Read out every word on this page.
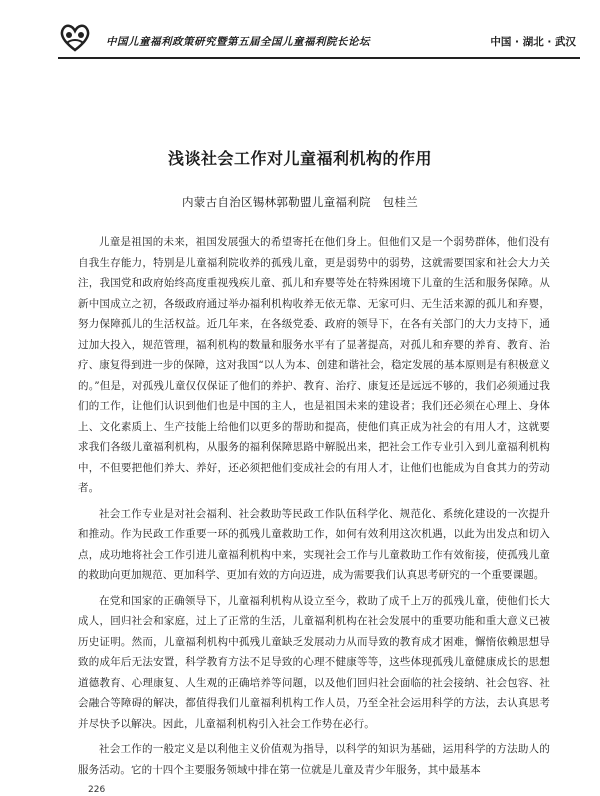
中国儿童福利政策研究暨第五届全国儿童福利院长论坛	中国 · 湖北 · 武汉
浅谈社会工作对儿童福利机构的作用
内蒙古自治区锡林郭勒盟儿童福利院　包桂兰

儿童是祖国的未来，祖国发展强大的希望寄托在他们身上。但他们又是一个弱势群体，他们没有自我生存能力，特别是儿童福利院收养的孤残儿童，更是弱势中的弱势，这就需要国家和社会大力关注，我国党和政府始终高度重视残疾儿童、孤儿和弃婴等处在特殊困境下儿童的生活和服务保障。从新中国成立之初，各级政府通过举办福利机构收养无依无靠、无家可归、无生活来源的孤儿和弃婴，努力保障孤儿的生活权益。近几年来，在各级党委、政府的领导下，在各有关部门的大力支持下，通过加大投入，规范管理，福利机构的数量和服务水平有了显著提高，对孤儿和弃婴的养育、教育、治疗、康复得到进一步的保障，这对我国“以人为本、创建和谐社会，稳定发展的基本原则是有积极意义的。”但是，对孤残儿童仅仅保证了他们的养护、教育、治疗、康复还是远远不够的，我们必须通过我们的工作，让他们认识到他们也是中国的主人，也是祖国未来的建设者；我们还必须在心理上、身体上、文化素质上、生产技能上给他们以更多的帮助和提高，使他们真正成为社会的有用人才，这就要求我们各级儿童福利机构，从服务的福利保障思路中解脱出来，把社会工作专业引入到儿童福利机构中，不但要把他们养大、养好，还必须把他们变成社会的有用人才，让他们也能成为自食其力的劳动者。

社会工作专业是对社会福利、社会救助等民政工作队伍科学化、规范化、系统化建设的一次提升和推动。作为民政工作重要一环的孤残儿童救助工作，如何有效利用这次机遇，以此为出发点和切入点，成功地将社会工作引进儿童福利机构中来，实现社会工作与儿童救助工作有效衔接，使孤残儿童的救助向更加规范、更加科学、更加有效的方向迈进，成为需要我们认真思考研究的一个重要课题。

在党和国家的正确领导下，儿童福利机构从设立至今，救助了成千上万的孤残儿童，使他们长大成人，回归社会和家庭，过上了正常的生活，儿童福利机构在社会发展中的重要功能和重大意义已被历史证明。然而，儿童福利机构中孤残儿童缺乏发展动力从而导致的教育成才困难，懈惰依赖思想导致的成年后无法安置，科学教育方法不足导致的心理不健康等等，这些体现孤残儿童健康成长的思想道德教育、心理康复、人生观的正确培养等问题，以及他们回归社会面临的社会接纳、社会包容、社会融合等障碍的解决，都值得我们儿童福利机构工作人员，乃至全社会运用科学的方法，去认真思考并尽快予以解决。因此，儿童福利机构引入社会工作势在必行。

社会工作的一般定义是以利他主义价值观为指导，以科学的知识为基础，运用科学的方法助人的服务活动。它的十四个主要服务领域中排在第一位就是儿童及青少年服务，其中最基本

226
